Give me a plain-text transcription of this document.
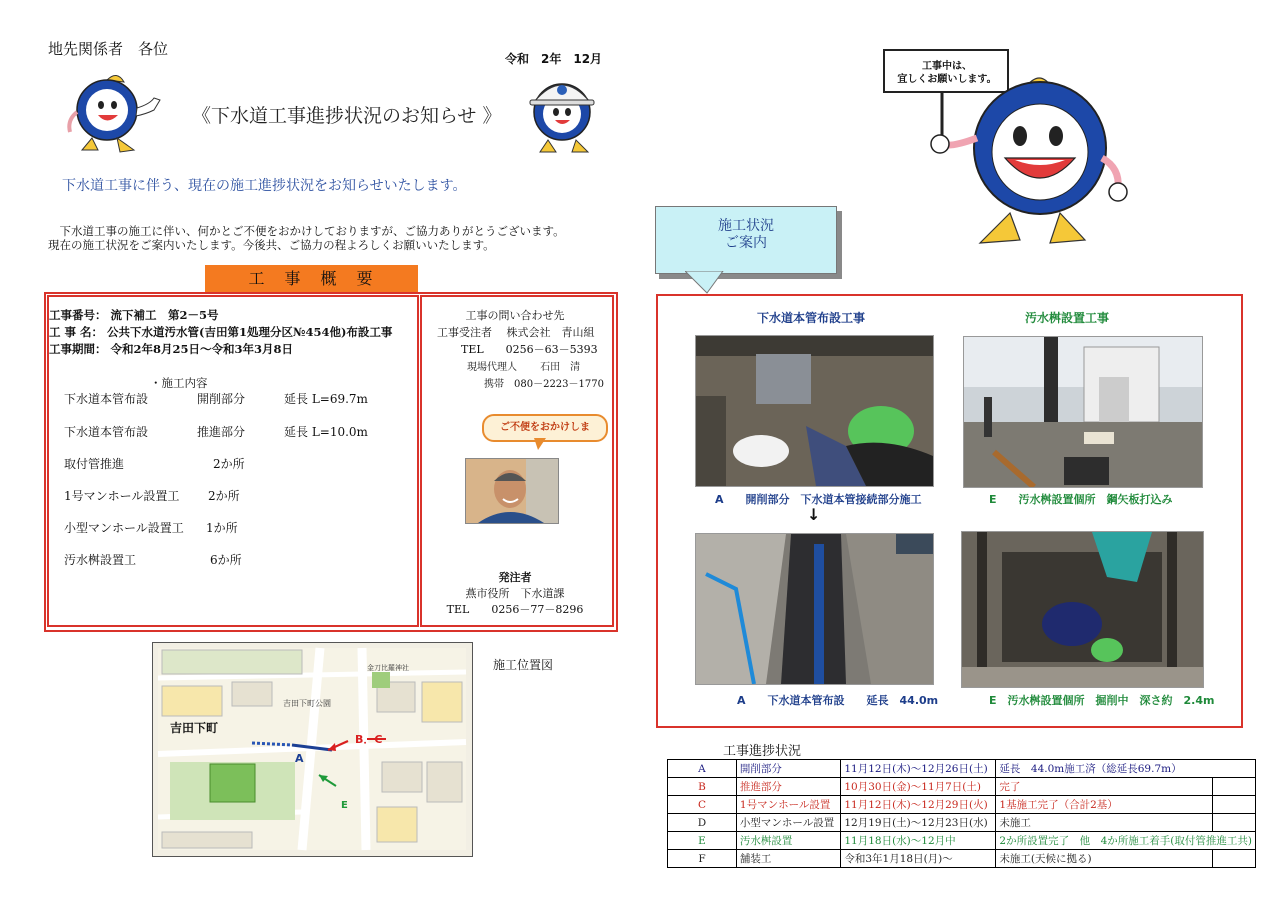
地先関係者　各位
令和　2年　12月
《下水道工事進捗状況のお知らせ 》
下水道工事に伴う、現在の施工進捗状況をお知らせいたします。
　下水道工事の施工に伴い、何かとご不便をおかけしておりますが、ご協力ありがとうございます。
現在の施工状況をご案内いたします。今後共、ご協力の程よろしくお願いいたします。
工　事　概　要
工事番号： 流下補工　第2－5号
工 事 名： 公共下水道汚水管(吉田第1処理分区№454他)布設工事
工事期間： 令和2年8月25日～令和3年3月8日
・施工内容
下水道本管布設	開削部分	延長 L=69.7m
下水道本管布設	推進部分	延長 L=10.0m
取付管推進	2か所
1号マンホール設置工 2か所
小型マンホール設置工 1か所
汚水桝設置工	6か所
工事の問い合わせ先
工事受注者　 株式会社　青山組
TEL　　0256－63－5393
現場代理人　　 石田　清
携帯　080－2223－1770
ご不便をおかけしま
発注者
燕市役所　下水道課
TEL　　0256－77－8296
吉田下町
吉田下町公園
金刀比羅神社
A
B．C
E
施工位置図
工事中は、
宜しくお願いします。
施工状況
ご案内
下水道本管布設工事	汚水桝設置工事
A　　開削部分　下水道本管接続部分施工	E　　汚水桝設置個所　鋼矢板打込み
↓
A　　下水道本管布設　　延長　44.0m	E　汚水桝設置個所　掘削中　深さ約　2.4m
工事進捗状況
A	開削部分	11月12日(木)～12月26日(土)	延長　44.0m施工済（総延長69.7m）	
B	推進部分	10月30日(金)～11月7日(土)	完了	
C	1号マンホール設置	11月12日(木)～12月29日(火)	1基施工完了（合計2基）	
D	小型マンホール設置	12月19日(土)～12月23日(水)	未施工	
E	汚水桝設置	11月18日(水)～12月中	2か所設置完了　他　4か所施工着手(取付管推進工共)	
F	舗装工	令和3年1月18日(月)～	未施工(天候に拠る)	
